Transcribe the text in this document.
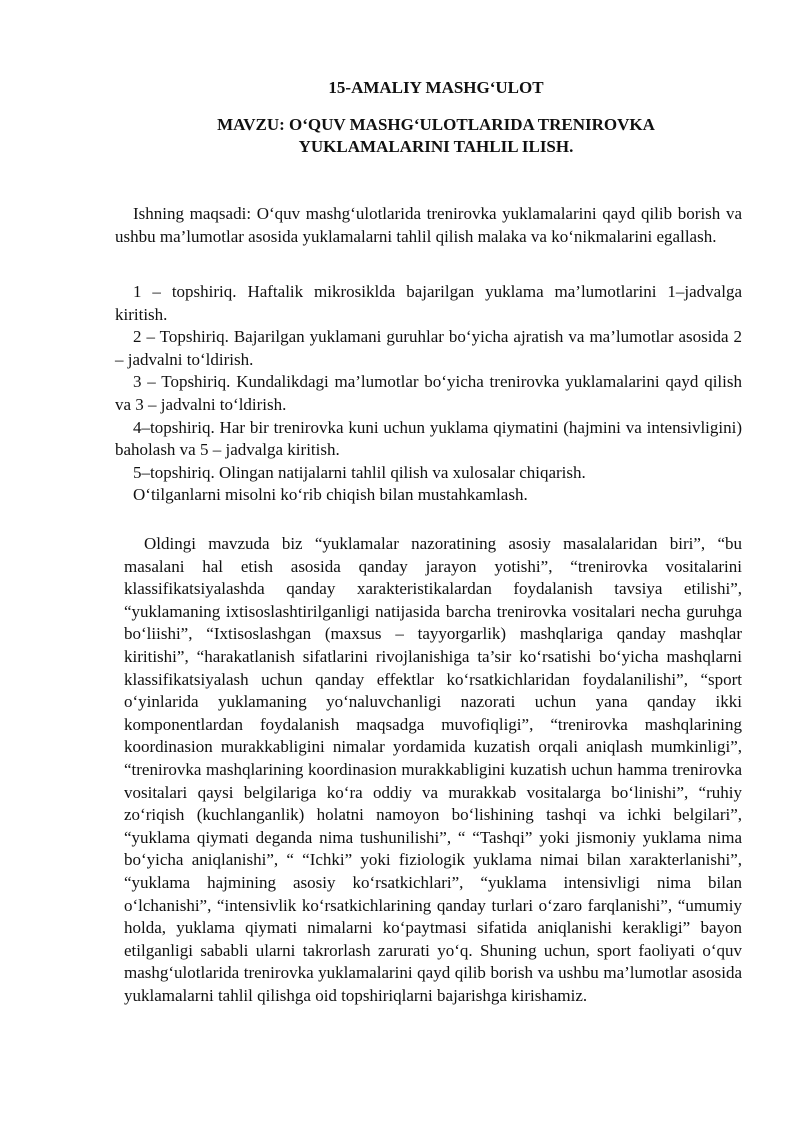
15-AMALIY MASHG‘ULOT
MAVZU: O‘QUV MASHG‘ULOTLARIDA TRENIROVKA
YUKLAMALARINI TAHLIL ILISH.
Ishning maqsadi: O‘quv mashg‘ulotlarida trenirovka yuklamalarini qayd qilib borish va ushbu ma’lumotlar asosida yuklamalarni tahlil qilish malaka va ko‘nikmalarini egallash.

1 – topshiriq. Haftalik mikrosiklda bajarilgan yuklama ma’lumotlarini 1–jadvalga kiritish.

2 – Topshiriq. Bajarilgan yuklamani guruhlar bo‘yicha ajratish va ma’lumotlar asosida 2 – jadvalni to‘ldirish.

3 – Topshiriq. Kundalikdagi ma’lumotlar bo‘yicha trenirovka yuklamalarini qayd qilish va 3 – jadvalni to‘ldirish.

4–topshiriq. Har bir trenirovka kuni uchun yuklama qiymatini (hajmini va intensivligini) baholash va 5 – jadvalga kiritish.

5–topshiriq. Olingan natijalarni tahlil qilish va xulosalar chiqarish.

O‘tilganlarni misolni ko‘rib chiqish bilan mustahkamlash.

Oldingi mavzuda biz “yuklamalar nazoratining asosiy masalalaridan biri”, “bu masalani hal etish asosida qanday jarayon yotishi”, “trenirovka vositalarini klassifikatsiyalashda qanday xarakteristikalardan foydalanish tavsiya etilishi”, “yuklamaning ixtisoslashtirilganligi natijasida barcha trenirovka vositalari necha guruhga bo‘liishi”, “Ixtisoslashgan (maxsus – tayyorgarlik) mashqlariga qanday mashqlar kiritishi”, “harakatlanish sifatlarini rivojlanishiga ta’sir ko‘rsatishi bo‘yicha mashqlarni klassifikatsiyalash uchun qanday effektlar ko‘rsatkichlaridan foydalanilishi”, “sport o‘yinlarida yuklamaning yo‘naluvchanligi nazorati uchun yana qanday ikki komponentlardan foydalanish maqsadga muvofiqligi”, “trenirovka mashqlarining koordinasion murakkabligini nimalar yordamida kuzatish orqali aniqlash mumkinligi”, “trenirovka mashqlarining koordinasion murakkabligini kuzatish uchun hamma trenirovka vositalari qaysi belgilariga ko‘ra oddiy va murakkab vositalarga bo‘linishi”, “ruhiy zo‘riqish (kuchlanganlik) holatni namoyon bo‘lishining tashqi va ichki belgilari”, “yuklama qiymati deganda nima tushunilishi”, “ “Tashqi” yoki jismoniy yuklama nima bo‘yicha aniqlanishi”, “ “Ichki” yoki fiziologik yuklama nimai bilan xarakterlanishi”, “yuklama hajmining asosiy ko‘rsatkichlari”, “yuklama intensivligi nima bilan o‘lchanishi”, “intensivlik ko‘rsatkichlarining qanday turlari o‘zaro farqlanishi”, “umumiy holda, yuklama qiymati nimalarni ko‘paytmasi sifatida aniqlanishi kerakligi” bayon etilganligi sababli ularni takrorlash zarurati yo‘q. Shuning uchun, sport faoliyati o‘quv mashg‘ulotlarida trenirovka yuklamalarini qayd qilib borish va ushbu ma’lumotlar asosida yuklamalarni tahlil qilishga oid topshiriqlarni bajarishga kirishamiz.
